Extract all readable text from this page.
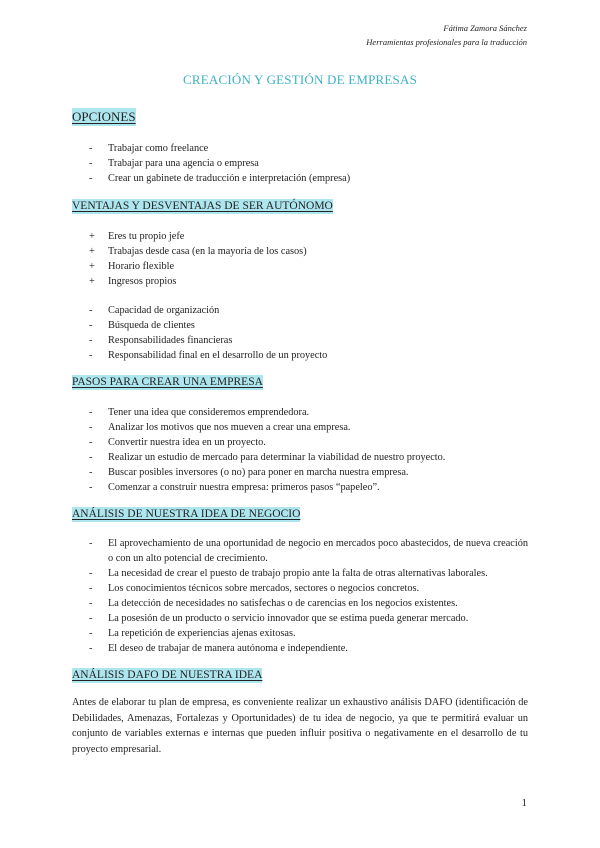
Fátima Zamora Sánchez
Herramientas profesionales para la traducción
CREACIÓN Y GESTIÓN DE EMPRESAS
OPCIONES
- Trabajar como freelance
- Trabajar para una agencia o empresa
- Crear un gabinete de traducción e interpretación (empresa)
VENTAJAS Y DESVENTAJAS DE SER AUTÓNOMO
+ Eres tu propio jefe
+ Trabajas desde casa (en la mayoría de los casos)
+ Horario flexible
+ Ingresos propios
- Capacidad de organización
- Búsqueda de clientes
- Responsabilidades financieras
- Responsabilidad final en el desarrollo de un proyecto
PASOS PARA CREAR UNA EMPRESA
- Tener una idea que consideremos emprendedora.
- Analizar los motivos que nos mueven a crear una empresa.
- Convertir nuestra idea en un proyecto.
- Realizar un estudio de mercado para determinar la viabilidad de nuestro proyecto.
- Buscar posibles inversores (o no) para poner en marcha nuestra empresa.
- Comenzar a construir nuestra empresa: primeros pasos “papeleo”.
ANÁLISIS DE NUESTRA IDEA DE NEGOCIO
- El aprovechamiento de una oportunidad de negocio en mercados poco abastecidos, de nueva creación o con un alto potencial de crecimiento.
- La necesidad de crear el puesto de trabajo propio ante la falta de otras alternativas laborales.
- Los conocimientos técnicos sobre mercados, sectores o negocios concretos.
- La detección de necesidades no satisfechas o de carencias en los negocios existentes.
- La posesión de un producto o servicio innovador que se estima pueda generar mercado.
- La repetición de experiencias ajenas exitosas.
- El deseo de trabajar de manera autónoma e independiente.
ANÁLISIS DAFO DE NUESTRA IDEA
Antes de elaborar tu plan de empresa, es conveniente realizar un exhaustivo análisis DAFO (identificación de Debilidades, Amenazas, Fortalezas y Oportunidades) de tu idea de negocio, ya que te permitirá evaluar un conjunto de variables externas e internas que pueden influir positiva o negativamente en el desarrollo de tu proyecto empresarial.
1
